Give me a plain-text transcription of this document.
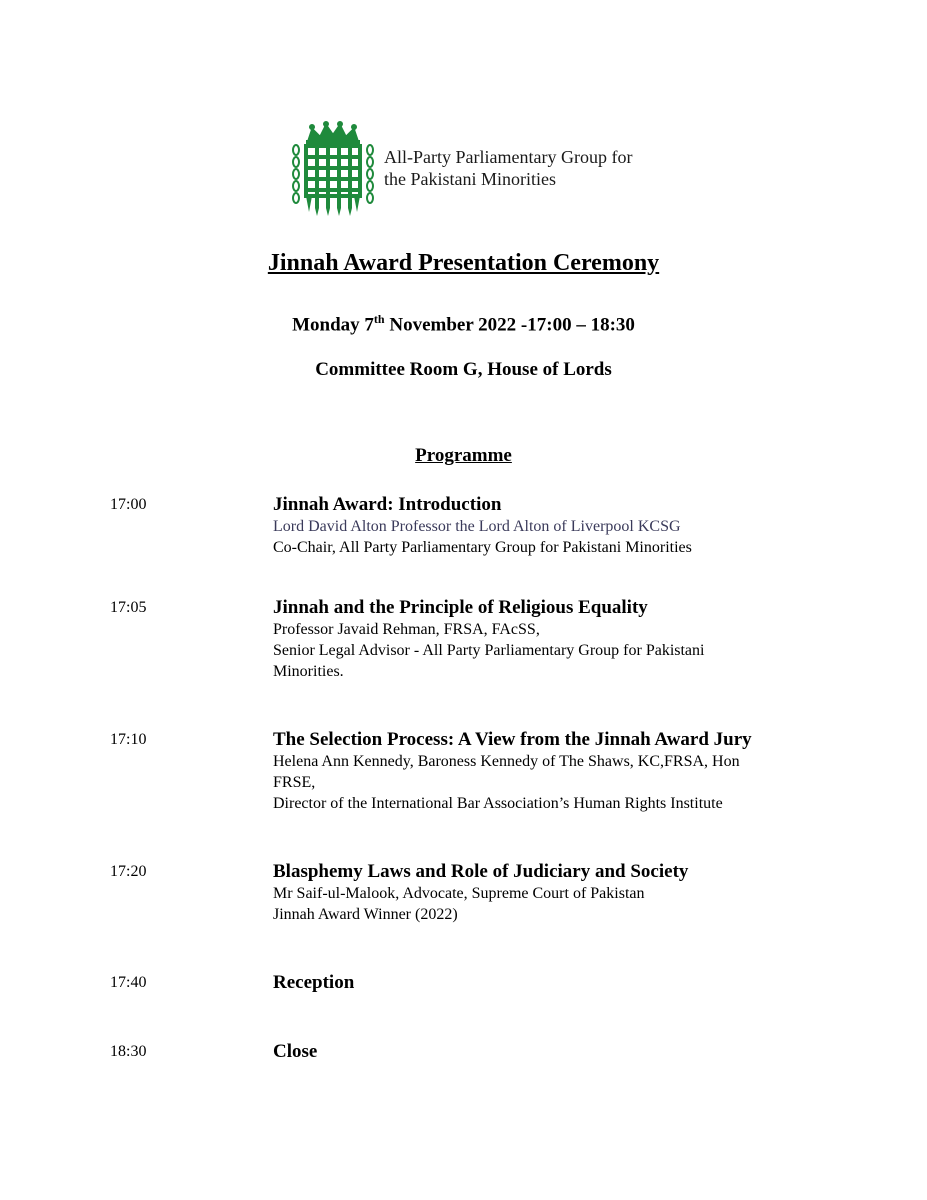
All-Party Parliamentary Group for
the Pakistani Minorities
Jinnah Award Presentation Ceremony
Monday 7th November 2022 -17:00 – 18:30
Committee Room G, House of Lords
Programme
17:00	Jinnah Award: Introduction
Lord David Alton Professor the Lord Alton of Liverpool KCSG
Co-Chair, All Party Parliamentary Group for Pakistani Minorities
17:05	Jinnah and the Principle of Religious Equality
Professor Javaid Rehman, FRSA, FAcSS,
Senior Legal Advisor - All Party Parliamentary Group for Pakistani
Minorities.
17:10	The Selection Process: A View from the Jinnah Award Jury
Helena Ann Kennedy, Baroness Kennedy of The Shaws, KC,FRSA, Hon
FRSE,
Director of the International Bar Association’s Human Rights Institute
17:20	Blasphemy Laws and Role of Judiciary and Society
Mr Saif-ul-Malook, Advocate, Supreme Court of Pakistan
Jinnah Award Winner (2022)
17:40	Reception
18:30	Close
